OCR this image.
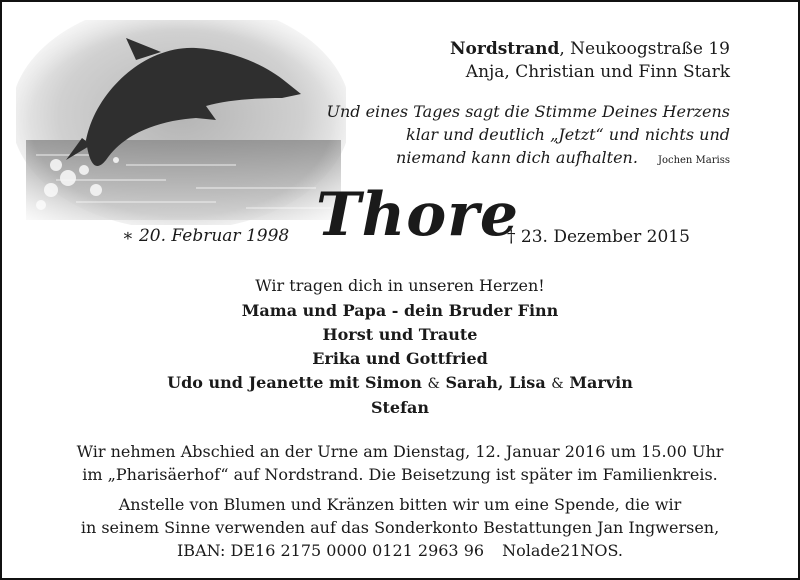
Nordstrand, Neukoogstraße 19
Anja, Christian und Finn Stark
Und eines Tages sagt die Stimme Deines Herzens
klar und deutlich „Jetzt“ und nichts und
niemand kann dich aufhalten. Jochen Mariss
∗ 20. Februar 1998 Thore
† 23. Dezember 2015
Wir tragen dich in unseren Herzen!
Mama und Papa - dein Bruder Finn
Horst und Traute
Erika und Gottfried
Udo und Jeanette mit Simon & Sarah, Lisa & Marvin
Stefan
Wir nehmen Abschied an der Urne am Dienstag, 12. Januar 2016 um 15.00 Uhr
im „Pharisäerhof“ auf Nordstrand. Die Beisetzung ist später im Familienkreis.
Anstelle von Blumen und Kränzen bitten wir um eine Spende, die wir
in seinem Sinne verwenden auf das Sonderkonto Bestattungen Jan Ingwersen,
IBAN: DE16 2175 0000 0121 2963 96 Nolade21NOS.
